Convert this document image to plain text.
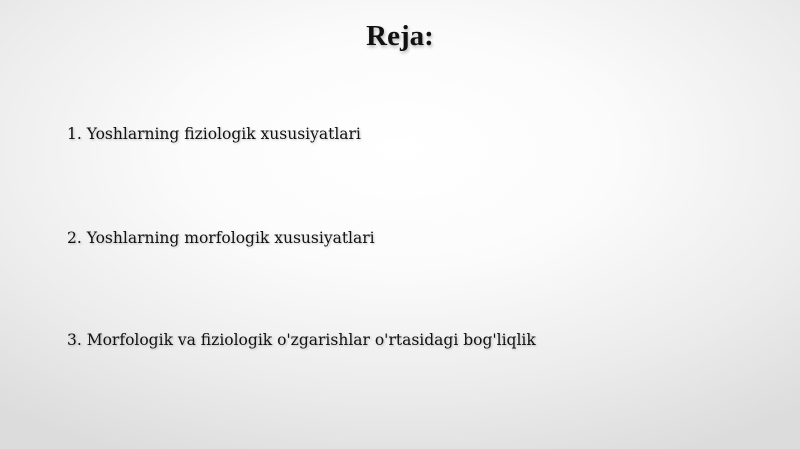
Reja:
1. Yoshlarning fiziologik xususiyatlari
2. Yoshlarning morfologik xususiyatlari
3. Morfologik va fiziologik o'zgarishlar o'rtasidagi bog'liqlik
